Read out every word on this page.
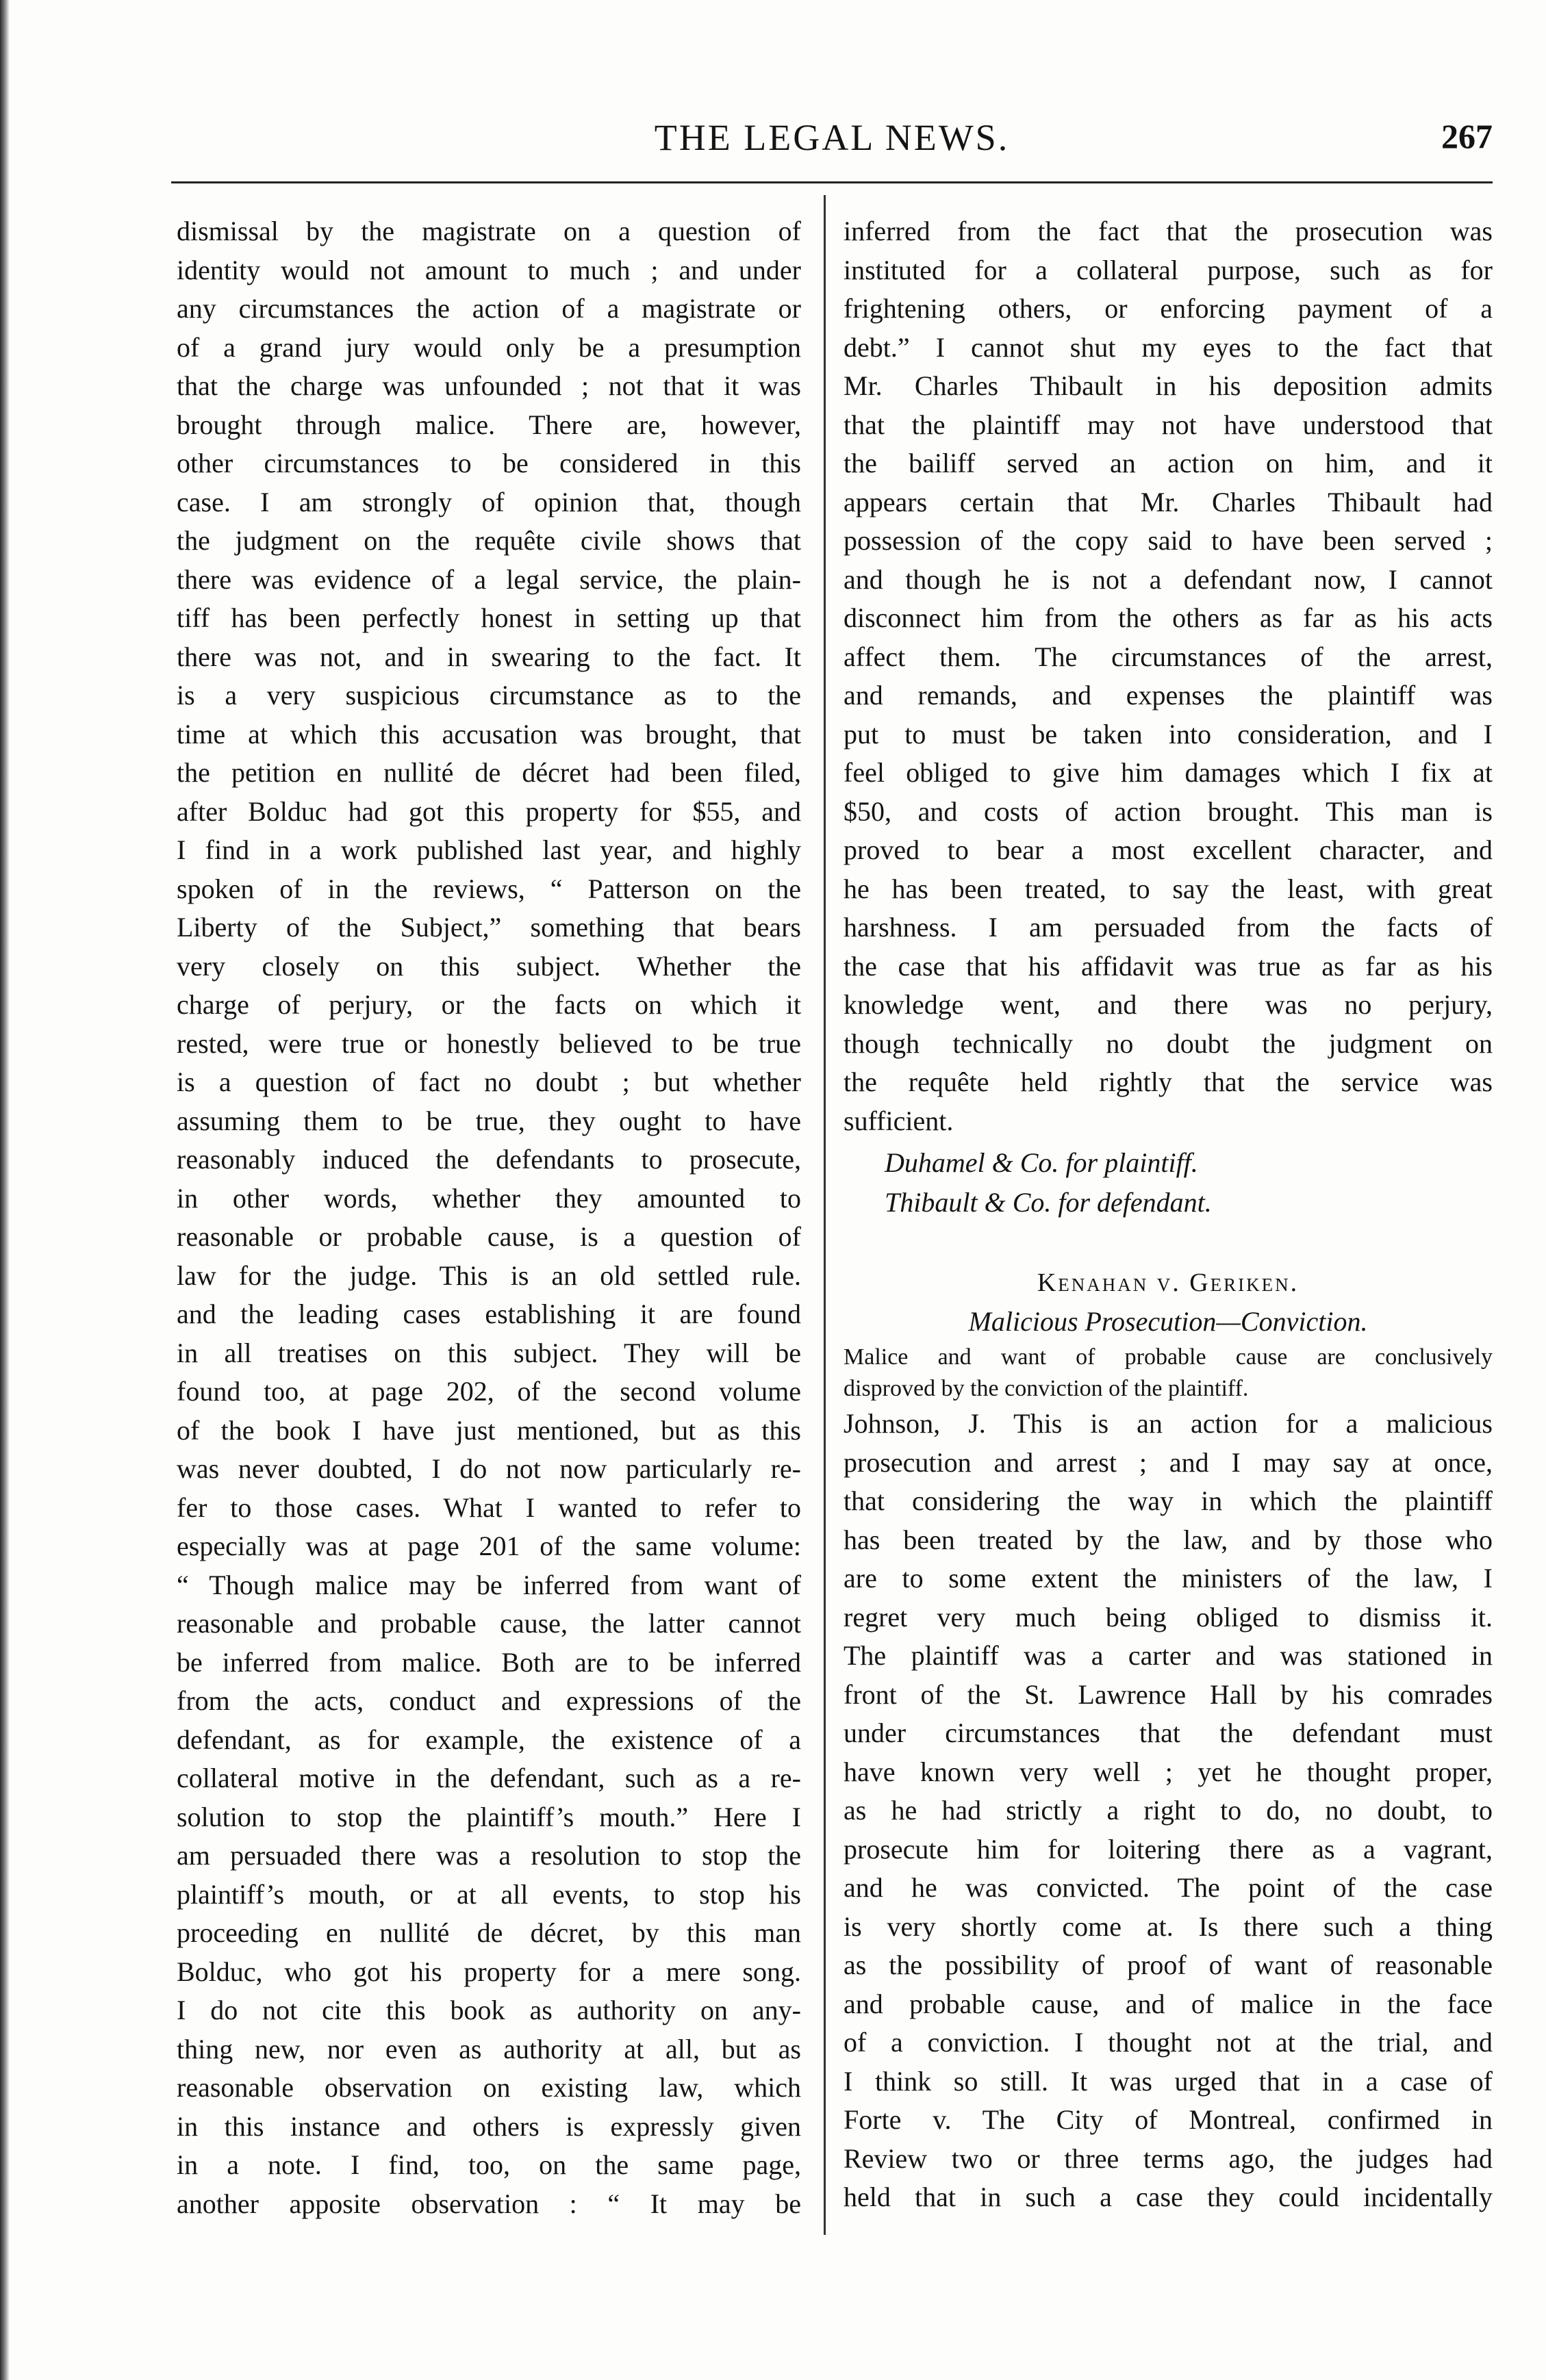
THE LEGAL NEWS.	267

dismissal by the magistrate on a question of
identity would not amount to much ; and under
any circumstances the action of a magistrate or
of a grand jury would only be a presumption
that the charge was unfounded ; not that it was
brought through malice. There are, however,
other circumstances to be considered in this
case. I am strongly of opinion that, though
the judgment on the requête civile shows that
there was evidence of a legal service, the plain-
tiff has been perfectly honest in setting up that
there was not, and in swearing to the fact. It
is a very suspicious circumstance as to the
time at which this accusation was brought, that
the petition en nullité de décret had been filed,
after Bolduc had got this property for $55, and
I find in a work published last year, and highly
spoken of in the reviews, “ Patterson on the
Liberty of the Subject,” something that bears
very closely on this subject. Whether the
charge of perjury, or the facts on which it
rested, were true or honestly believed to be true
is a question of fact no doubt ; but whether
assuming them to be true, they ought to have
reasonably induced the defendants to prosecute,
in other words, whether they amounted to
reasonable or probable cause, is a question of
law for the judge. This is an old settled rule.
and the leading cases establishing it are found
in all treatises on this subject. They will be
found too, at page 202, of the second volume
of the book I have just mentioned, but as this
was never doubted, I do not now particularly re-
fer to those cases. What I wanted to refer to
especially was at page 201 of the same volume:
“ Though malice may be inferred from want of
reasonable and probable cause, the latter cannot
be inferred from malice. Both are to be inferred
from the acts, conduct and expressions of the
defendant, as for example, the existence of a
collateral motive in the defendant, such as a re-
solution to stop the plaintiff’s mouth.” Here I
am persuaded there was a resolution to stop the
plaintiff’s mouth, or at all events, to stop his
proceeding en nullité de décret, by this man
Bolduc, who got his property for a mere song.
I do not cite this book as authority on any-
thing new, nor even as authority at all, but as
reasonable observation on existing law, which
in this instance and others is expressly given
in a note. I find, too, on the same page,
another apposite observation : “ It may be

inferred from the fact that the prosecution was
instituted for a collateral purpose, such as for
frightening others, or enforcing payment of a
debt.” I cannot shut my eyes to the fact that
Mr. Charles Thibault in his deposition admits
that the plaintiff may not have understood that
the bailiff served an action on him, and it
appears certain that Mr. Charles Thibault had
possession of the copy said to have been served ;
and though he is not a defendant now, I cannot
disconnect him from the others as far as his acts
affect them. The circumstances of the arrest,
and remands, and expenses the plaintiff was
put to must be taken into consideration, and I
feel obliged to give him damages which I fix at
$50, and costs of action brought. This man is
proved to bear a most excellent character, and
he has been treated, to say the least, with great
harshness. I am persuaded from the facts of
the case that his affidavit was true as far as his
knowledge went, and there was no perjury,
though technically no doubt the judgment on
the requête held rightly that the service was
sufficient.

Duhamel & Co. for plaintiff.
Thibault & Co. for defendant.
Kenahan v. Geriken.
Malicious Prosecution—Conviction.

Malice and want of probable cause are conclusively
disproved by the conviction of the plaintiff.

Johnson, J. This is an action for a malicious
prosecution and arrest ; and I may say at once,
that considering the way in which the plaintiff
has been treated by the law, and by those who
are to some extent the ministers of the law, I
regret very much being obliged to dismiss it.
The plaintiff was a carter and was stationed in
front of the St. Lawrence Hall by his comrades
under circumstances that the defendant must
have known very well ; yet he thought proper,
as he had strictly a right to do, no doubt, to
prosecute him for loitering there as a vagrant,
and he was convicted. The point of the case
is very shortly come at. Is there such a thing
as the possibility of proof of want of reasonable
and probable cause, and of malice in the face
of a conviction. I thought not at the trial, and
I think so still. It was urged that in a case of
Forte v. The City of Montreal, confirmed in
Review two or three terms ago, the judges had
held that in such a case they could incidentally
